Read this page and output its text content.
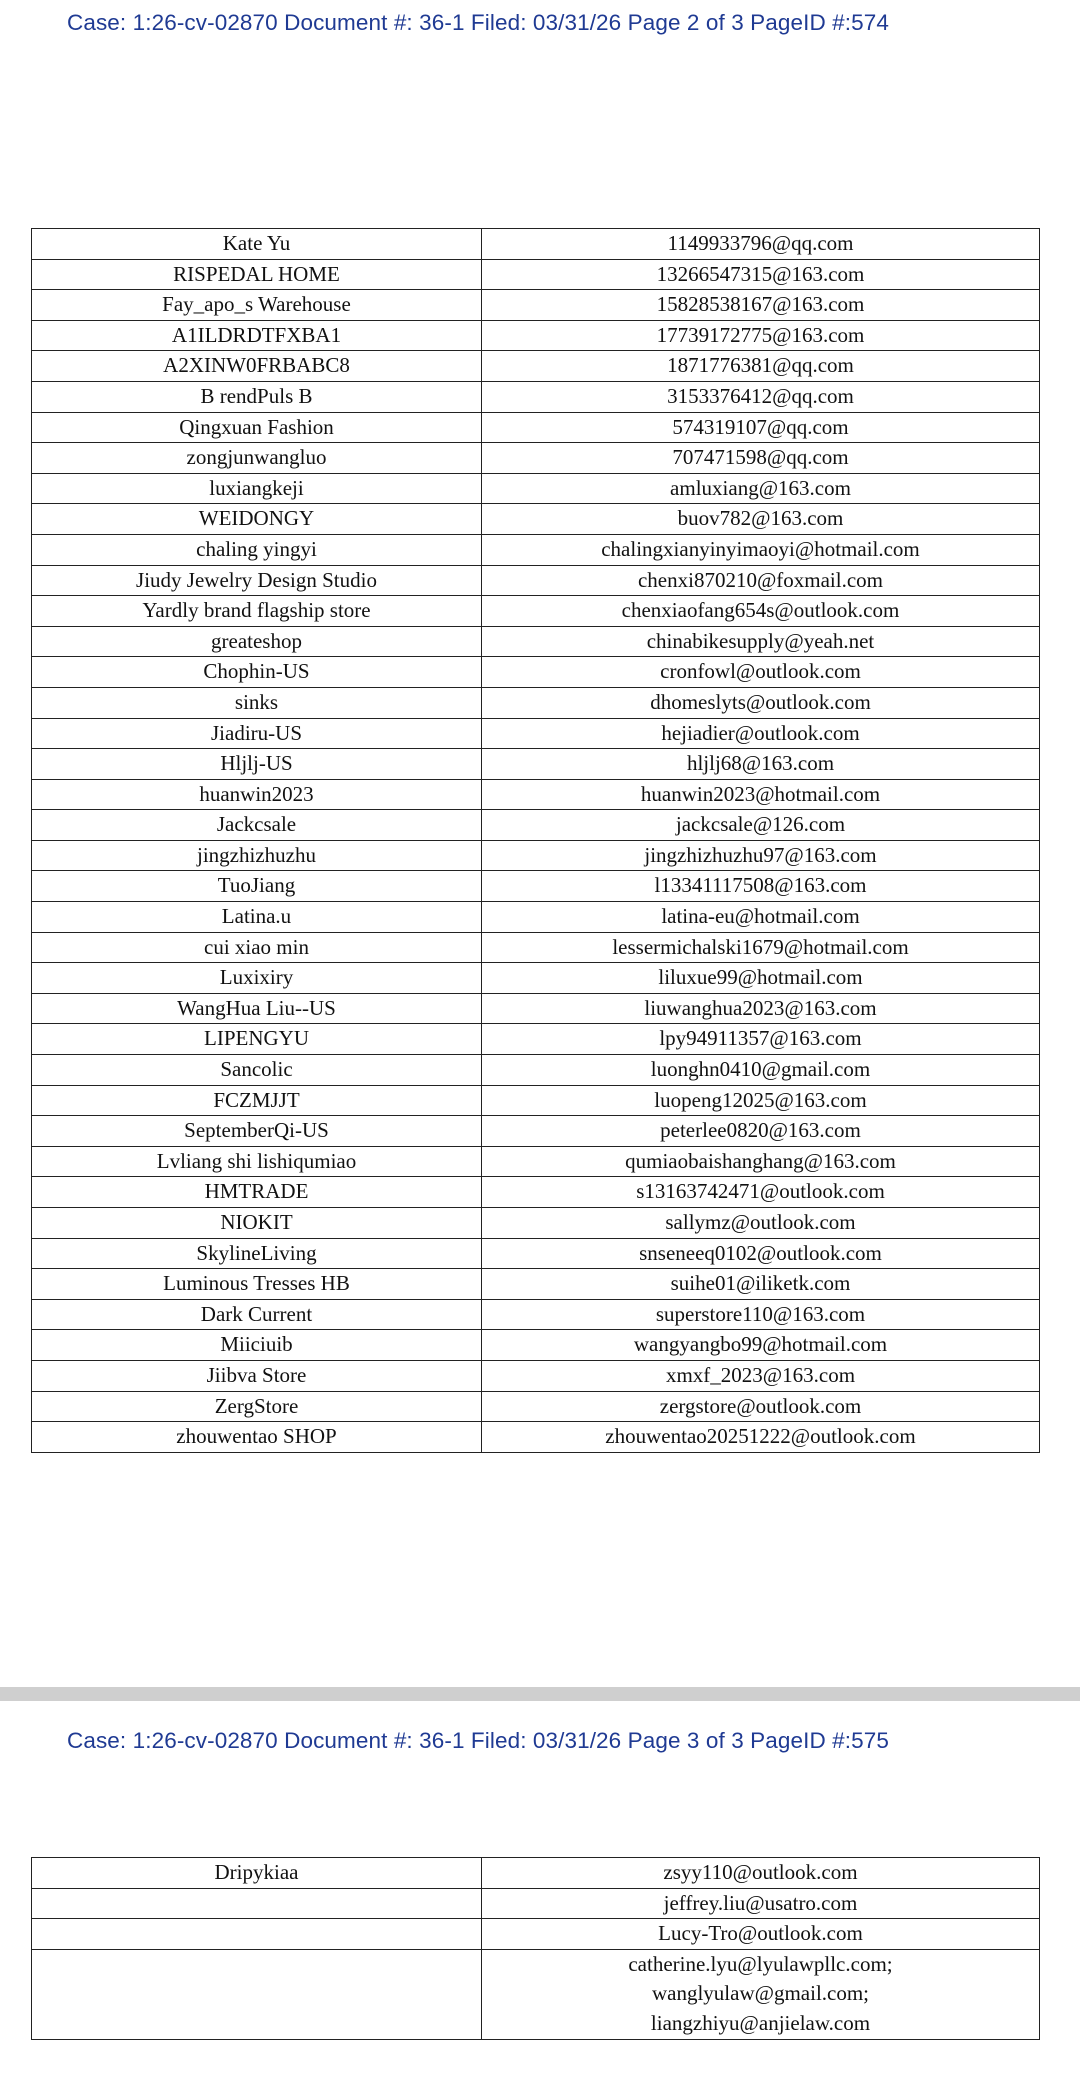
Case: 1:26-cv-02870 Document #: 36-1 Filed: 03/31/26 Page 2 of 3 PageID #:574
Kate Yu	1149933796@qq.com
RISPEDAL HOME	13266547315@163.com
Fay_apo_s Warehouse	15828538167@163.com
A1ILDRDTFXBA1	17739172775@163.com
A2XINW0FRBABC8	1871776381@qq.com
B rendPuls B	3153376412@qq.com
Qingxuan Fashion	574319107@qq.com
zongjunwangluo	707471598@qq.com
luxiangkeji	amluxiang@163.com
WEIDONGY	buov782@163.com
chaling yingyi	chalingxianyinyimaoyi@hotmail.com
Jiudy Jewelry Design Studio	chenxi870210@foxmail.com
Yardly brand flagship store	chenxiaofang654s@outlook.com
greateshop	chinabikesupply@yeah.net
Chophin-US	cronfowl@outlook.com
sinks	dhomeslyts@outlook.com
Jiadiru-US	hejiadier@outlook.com
Hljlj-US	hljlj68@163.com
huanwin2023	huanwin2023@hotmail.com
Jackcsale	jackcsale@126.com
jingzhizhuzhu	jingzhizhuzhu97@163.com
TuoJiang	l13341117508@163.com
Latina.u	latina-eu@hotmail.com
cui xiao min	lessermichalski1679@hotmail.com
Luxixiry	liluxue99@hotmail.com
WangHua Liu--US	liuwanghua2023@163.com
LIPENGYU	lpy94911357@163.com
Sancolic	luonghn0410@gmail.com
FCZMJJT	luopeng12025@163.com
SeptemberQi-US	peterlee0820@163.com
Lvliang shi lishiqumiao	qumiaobaishanghang@163.com
HMTRADE	s13163742471@outlook.com
NIOKIT	sallymz@outlook.com
SkylineLiving	snseneeq0102@outlook.com
Luminous Tresses HB	suihe01@iliketk.com
Dark Current	superstore110@163.com
Miiciuib	wangyangbo99@hotmail.com
Jiibva Store	xmxf_2023@163.com
ZergStore	zergstore@outlook.com
zhouwentao SHOP	zhouwentao20251222@outlook.com
Case: 1:26-cv-02870 Document #: 36-1 Filed: 03/31/26 Page 3 of 3 PageID #:575
Dripykiaa	zsyy110@outlook.com
	jeffrey.liu@usatro.com
	Lucy-Tro@outlook.com

	catherine.lyu@lyulawpllc.com;
wanglyulaw@gmail.com;
liangzhiyu@anjielaw.com
